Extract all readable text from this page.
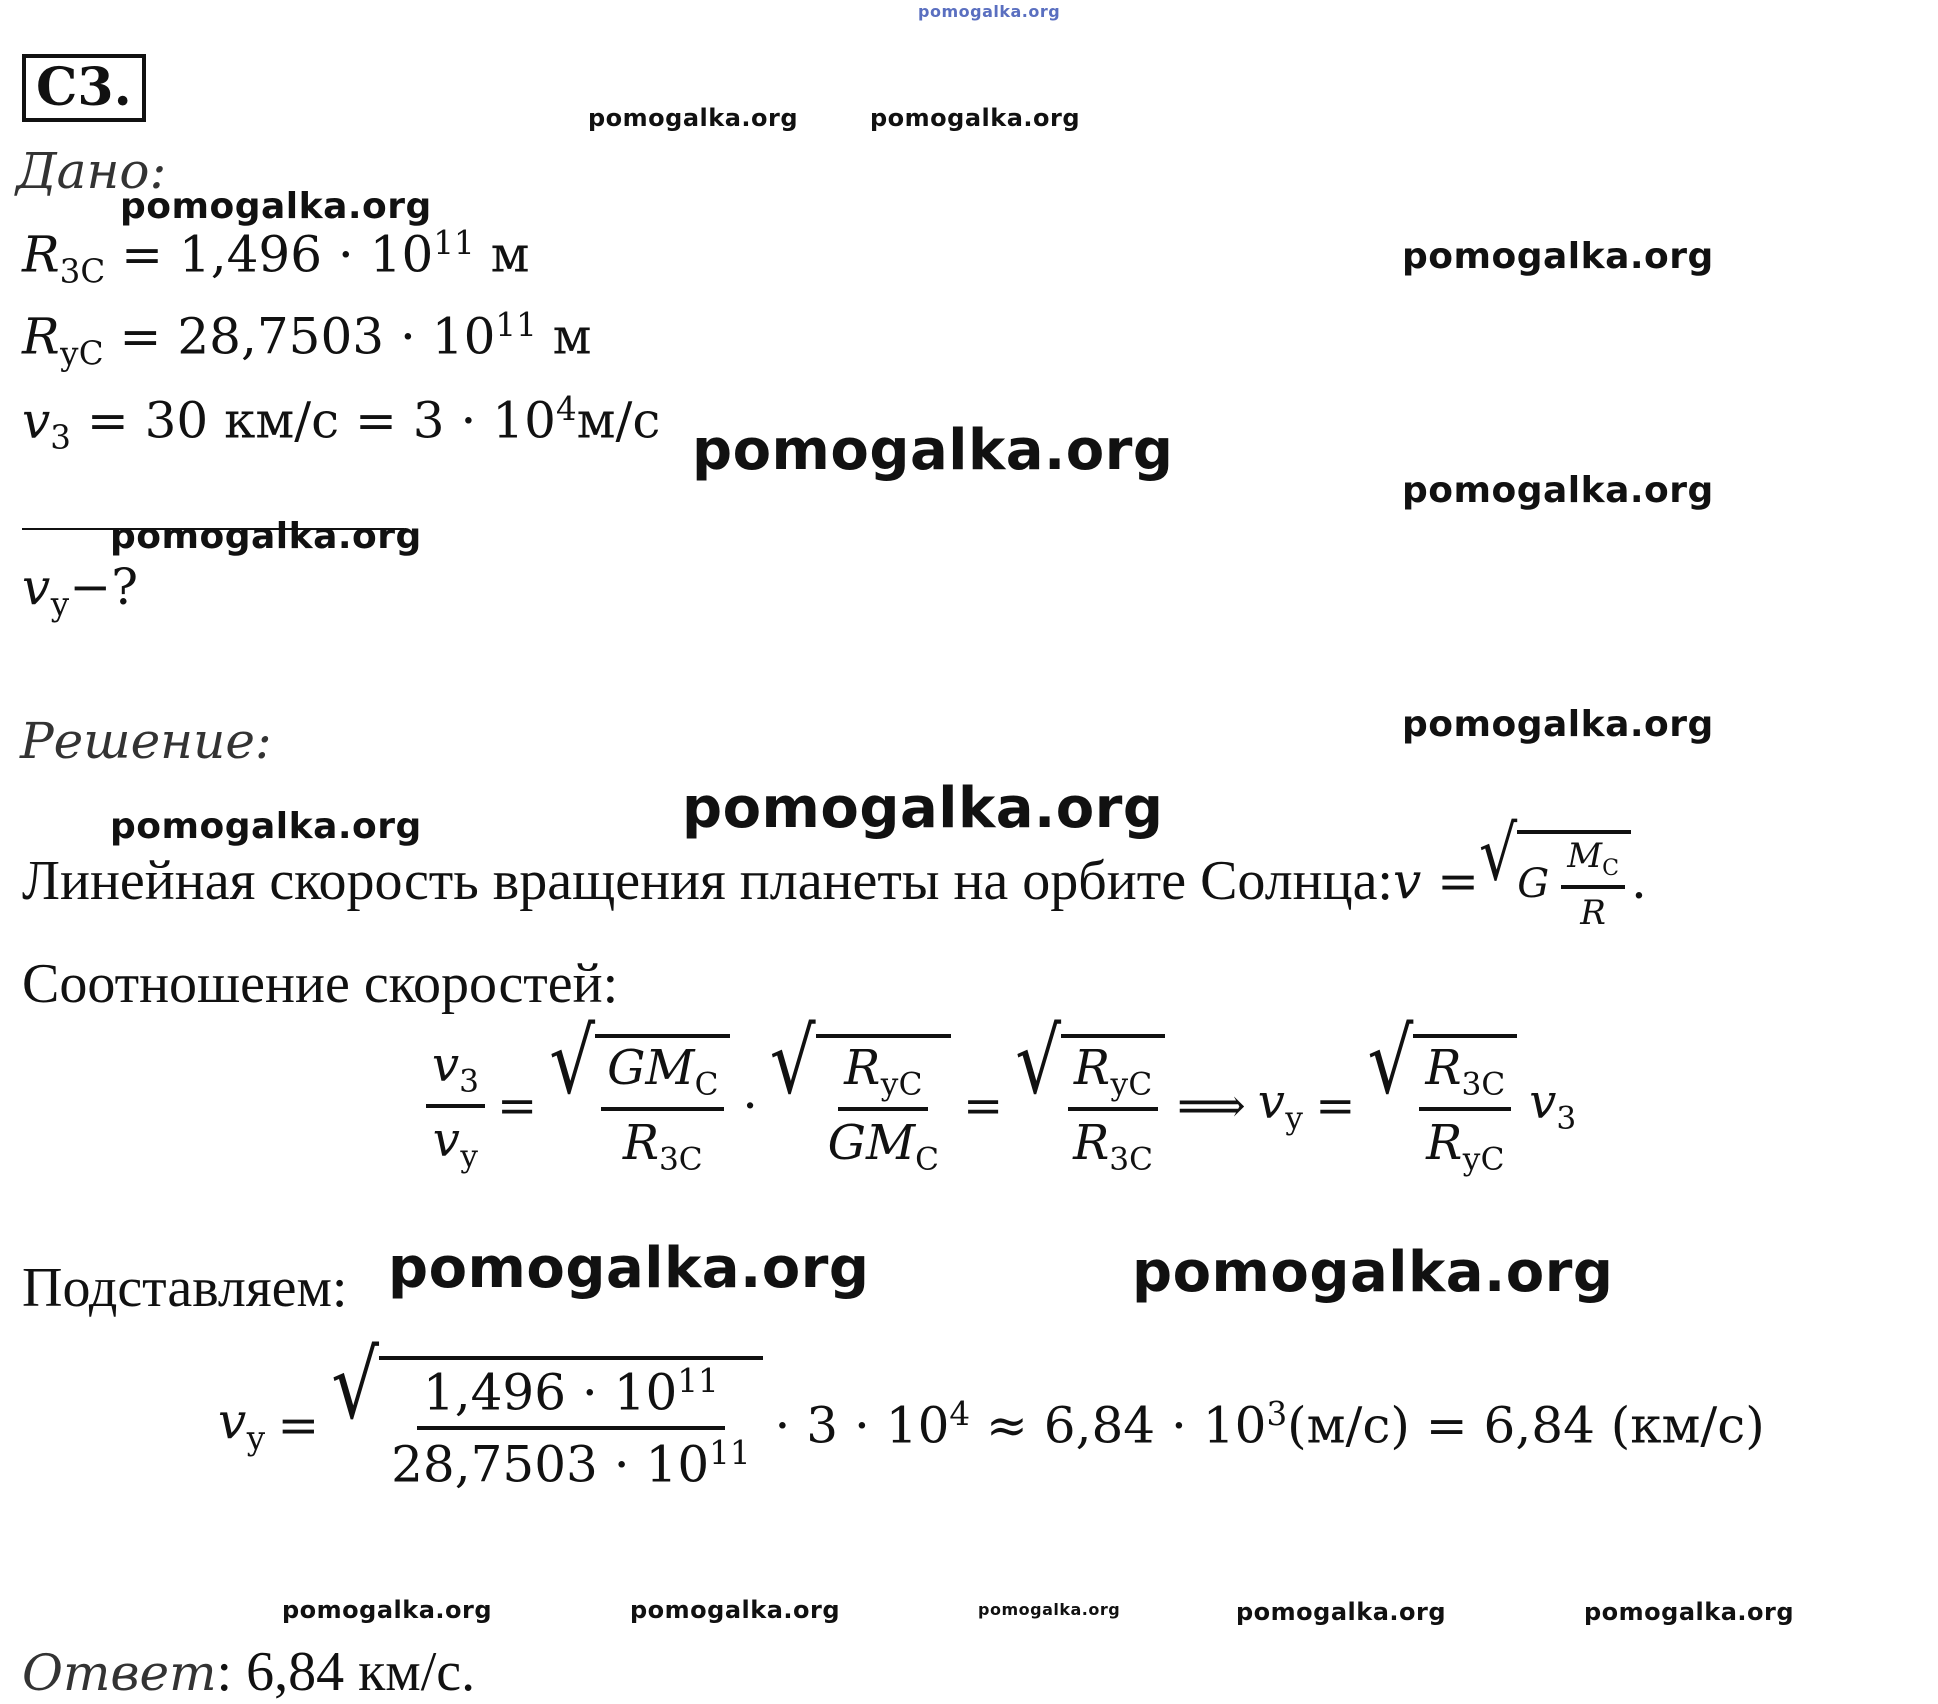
pomogalka.org
C3.	pomogalka.org	pomogalka.org
Дано:
pomogalka.org
$R_{3C} = 1,496 \cdot 10^{11}$ м	pomogalka.org
$R_{уC} = 28,7503 \cdot 10^{11}$ м
$v_3 = 30$ $км/с = 3 \cdot 10^4м/с$ pomogalka.org
pomogalka.org
pomogalka.org
$v_у-$?
pomogalka.org
Решение:
pomogalka.org
pomogalka.org
Линейная скорость вращения планеты на орбите Солнца: v = √ G $\frac{M_C}{R}$ .
Соотношение скоростей:
$\frac{v_3}{v_у}$ = √ $\frac{GM_C}{R_{3C}}$ · √ $\frac{R_{уC}}{GM_C}$ = √ $\frac{R_{уC}}{R_{3C}}$ ⟹ $v_у$ = √ $\frac{R_{3C}}{R_{уC}} v_3$
Подставляем: pomogalka.org	pomogalka.org
$v_у$ = √ $\frac{1,496 \cdot 10^{11}}{28,7503 \cdot 10^{11}} \cdot 3 \cdot 10^4 \approx 6,84 \cdot 10^3(м/с) = 6,84$ (км/с)
pomogalka.org	pomogalka.org	pomogalka.org	pomogalka.org	pomogalka.org
Ответ: 6,84 км/с.
